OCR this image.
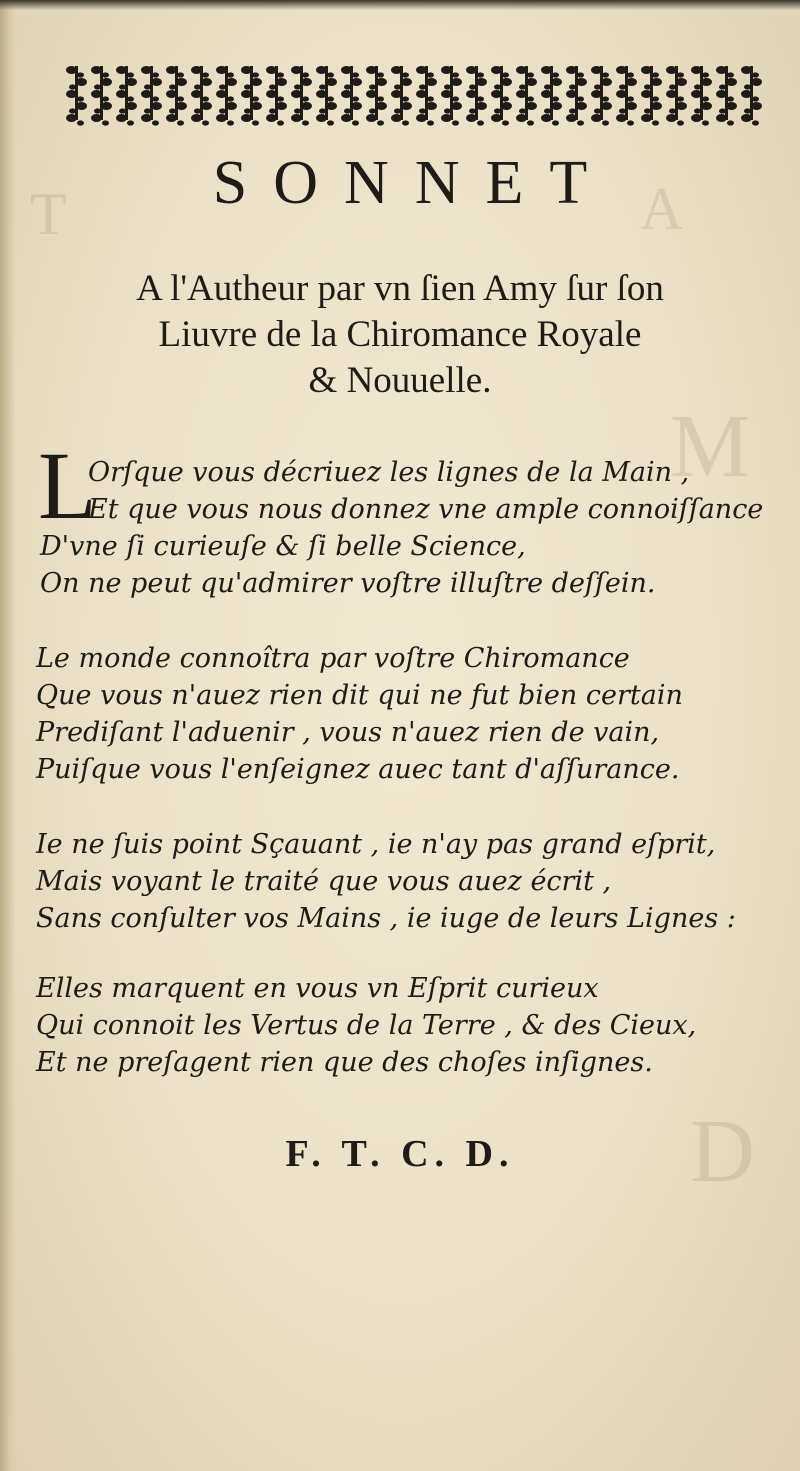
T	A
M
D
SONNET
A l'Autheur par vn ſien Amy ſur ſon
Liuvre de la Chiromance Royale
& Nouuelle.
L
Orſque vous décriuez les lignes de la Main ,
Et que vous nous donnez vne ample connoiſſance
D'vne ſi curieuſe & ſi belle Science,
On ne peut qu'admirer voſtre illuſtre deſſein.
Le monde connoîtra par voſtre Chiromance
Que vous n'auez rien dit qui ne fut bien certain
Prediſant l'aduenir , vous n'auez rien de vain,
Puiſque vous l'enſeignez auec tant d'aſſurance.
Ie ne ſuis point Sçauant , ie n'ay pas grand eſprit,
Mais voyant le traité que vous auez écrit ,
Sans conſulter vos Mains , ie iuge de leurs Lignes :
Elles marquent en vous vn Eſprit curieux
Qui connoit les Vertus de la Terre , & des Cieux,
Et ne preſagent rien que des choſes inſignes.
F. T. C. D.
